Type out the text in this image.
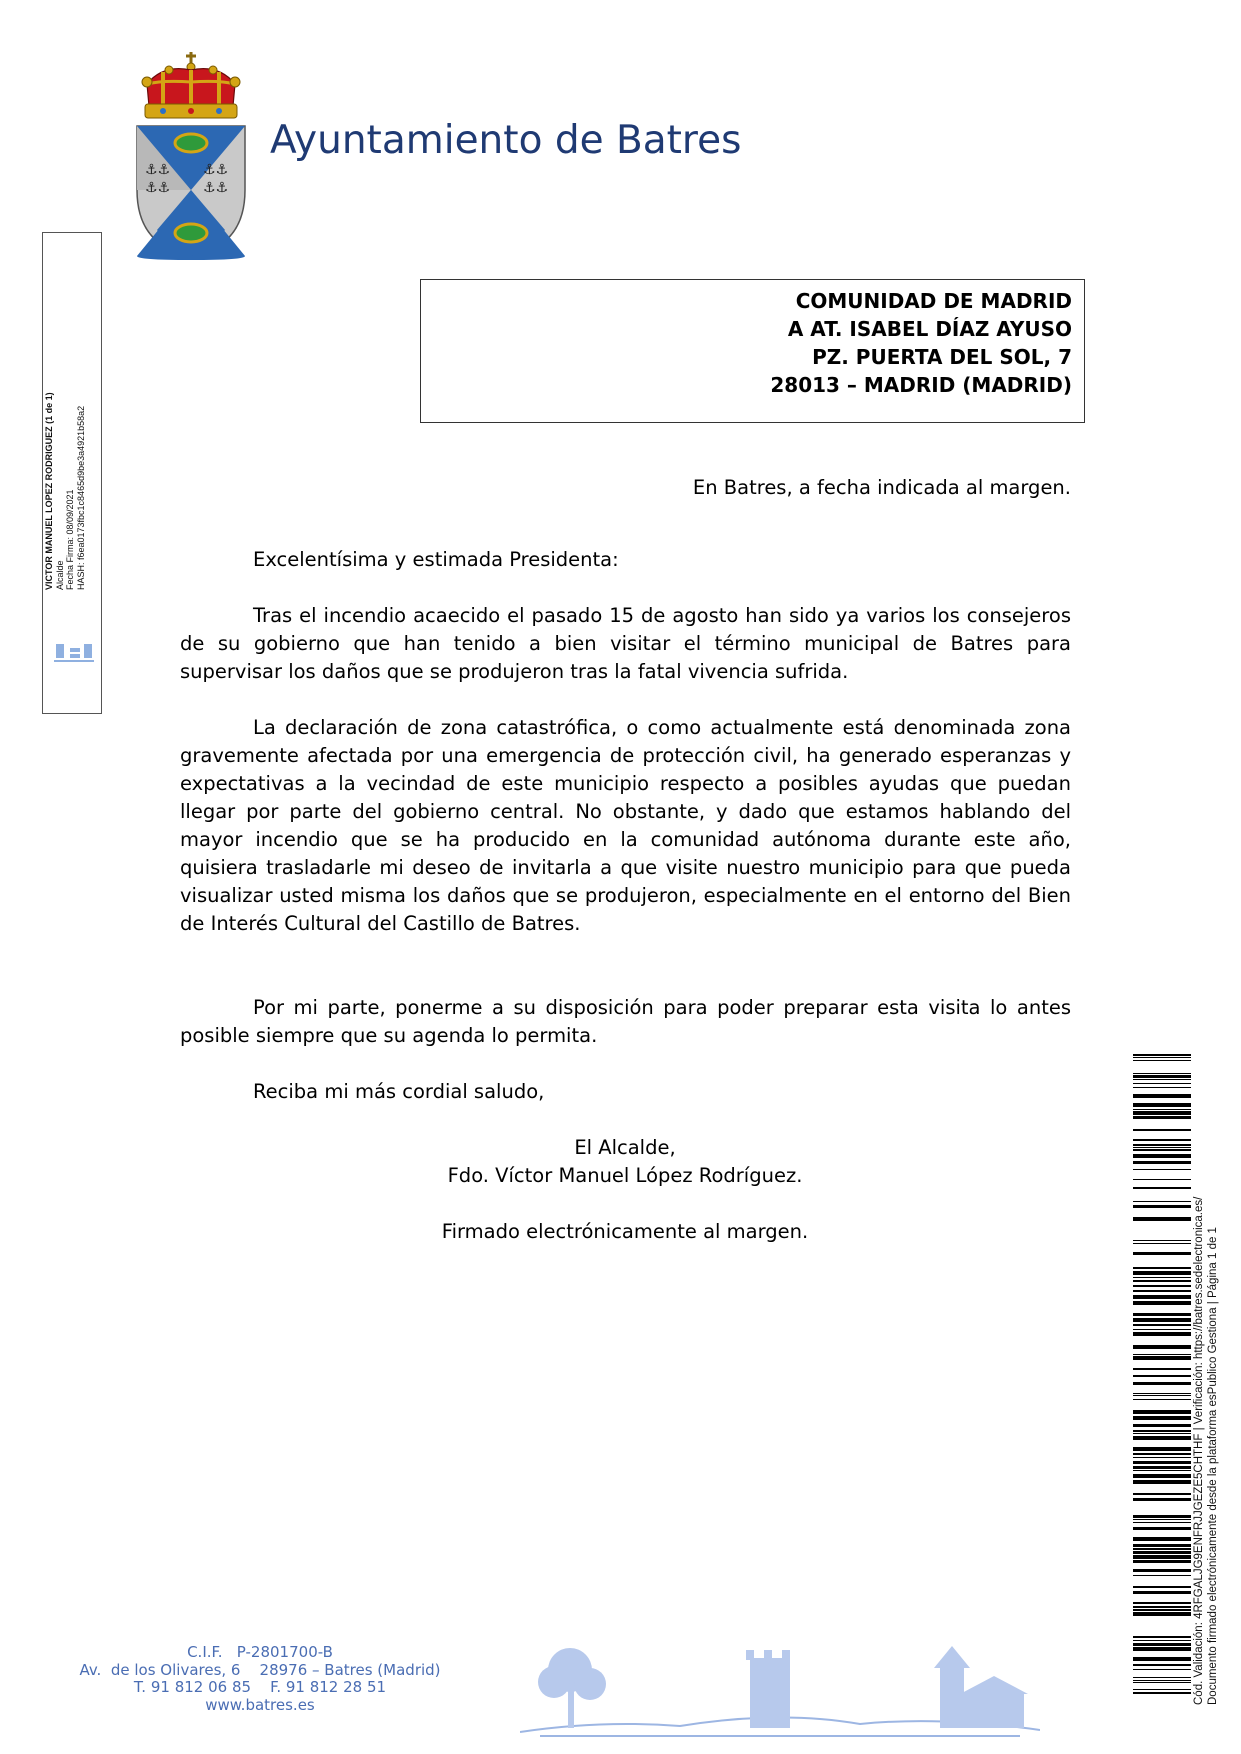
⚓⚓
⚓⚓
⚓⚓
⚓⚓
Ayuntamiento de Batres
VICTOR MANUEL LOPEZ RODRIGUEZ (1 de 1) Alcalde Fecha Firma: 08/09/2021 HASH: f6ea0173fbc1c8465d9be3a4921b58a2
COMUNIDAD DE MADRID
A AT. ISABEL DÍAZ AYUSO
PZ. PUERTA DEL SOL, 7
28013 – MADRID (MADRID)
En Batres, a fecha indicada al margen.
Excelentísima y estimada Presidenta:
Tras el incendio acaecido el pasado 15 de agosto han sido ya varios los consejeros de su gobierno que han tenido a bien visitar el término municipal de Batres para supervisar los daños que se produjeron tras la fatal vivencia sufrida.
La declaración de zona catastrófica, o como actualmente está denominada zona gravemente afectada por una emergencia de protección civil, ha generado esperanzas y expectativas a la vecindad de este municipio respecto a posibles ayudas que puedan llegar por parte del gobierno central. No obstante, y dado que estamos hablando del mayor incendio que se ha producido en la comunidad autónoma durante este año, quisiera trasladarle mi deseo de invitarla a que visite nuestro municipio para que pueda visualizar usted misma los daños que se produjeron, especialmente en el entorno del Bien de Interés Cultural del Castillo de Batres.
Por mi parte, ponerme a su disposición para poder preparar esta visita lo antes posible siempre que su agenda lo permita.
Reciba mi más cordial saludo,
El Alcalde,
Fdo. Víctor Manuel López Rodríguez.
Firmado electrónicamente al margen.
C.I.F.   P-2801700-B
Av.  de los Olivares, 6    28976 – Batres (Madrid)
T. 91 812 06 85    F. 91 812 28 51
www.batres.es	Cód. Validación: 4RFGALJG9ENFRJJGEZE5CHTHF | Verificación: https://batres.sedelectronica.es/ Documento firmado electrónicamente desde la plataforma esPublico Gestiona | Página 1 de 1
